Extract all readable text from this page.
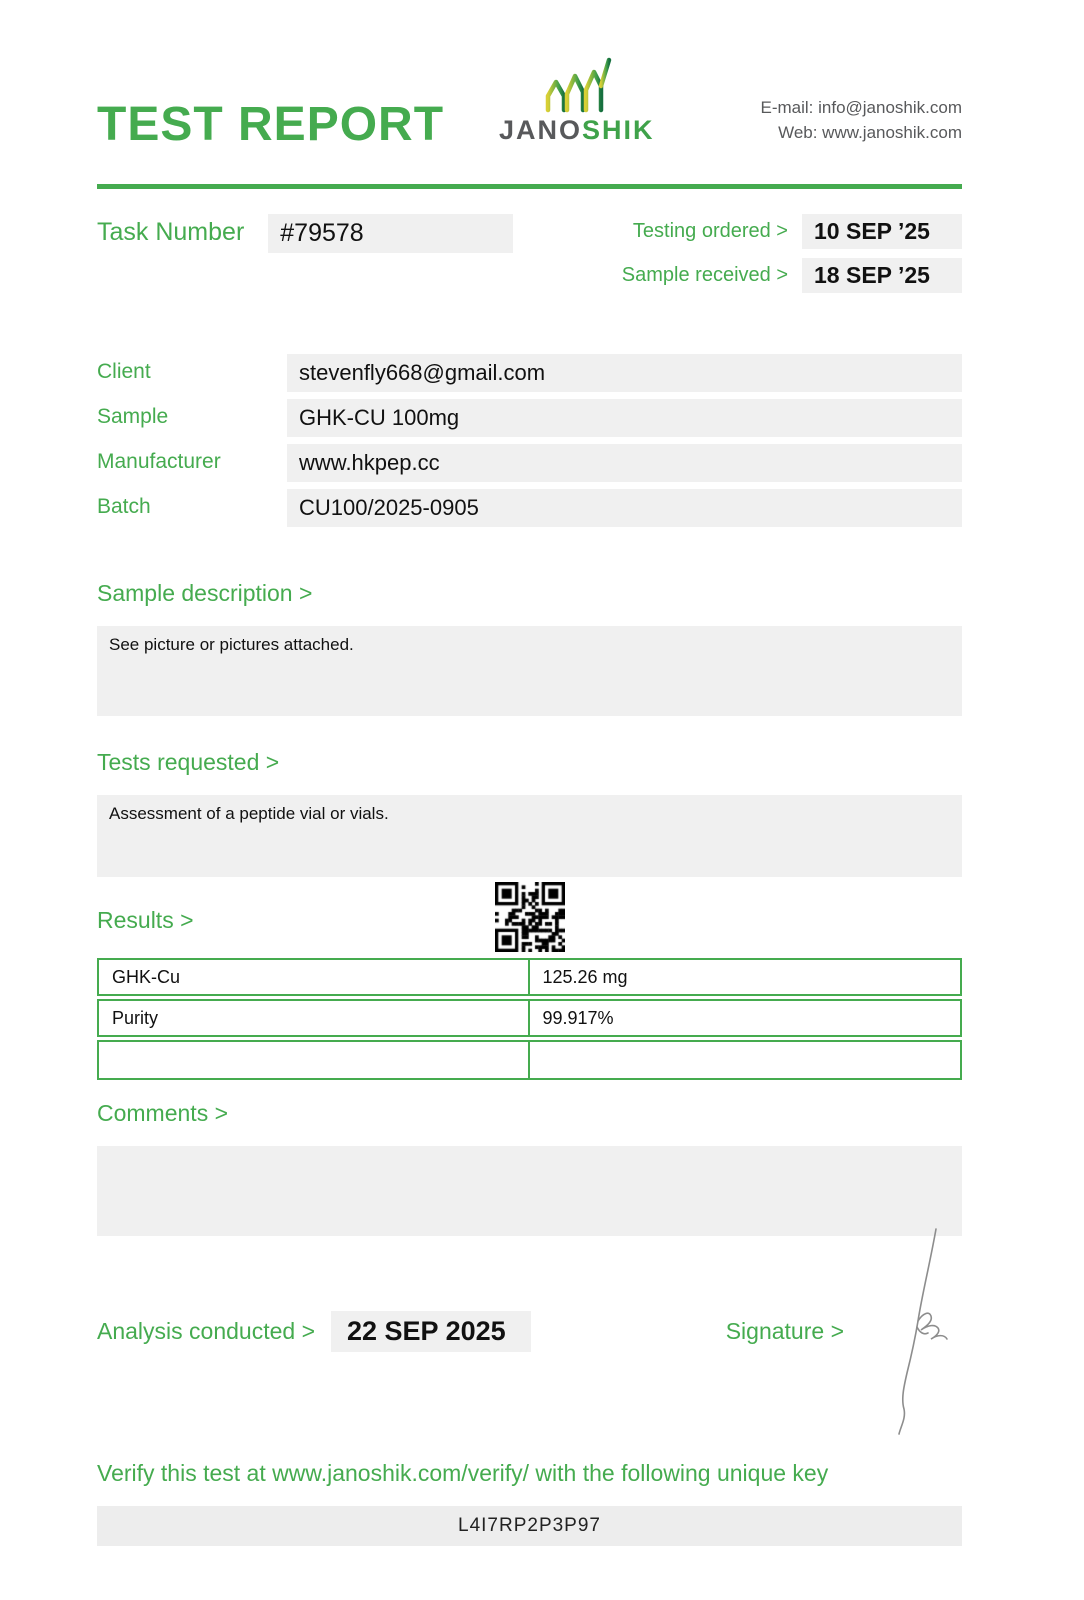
TEST REPORT JANOSHIK
E-mail: info@janoshik.com
Web: www.janoshik.com
Task Number	#79578	Testing ordered >	10 SEP ’25
Sample received >	18 SEP ’25
Client	stevenfly668@gmail.com
Sample	GHK-CU 100mg
Manufacturer	www.hkpep.cc
Batch	CU100/2025-0905
Sample description >
See picture or pictures attached.
Tests requested >
Assessment of a peptide vial or vials.
Results >
GHK-Cu	125.26 mg
Purity	99.917%
Comments >
Analysis conducted >	22 SEP 2025	Signature >
Verify this test at www.janoshik.com/verify/ with the following unique key
L4I7RP2P3P97
